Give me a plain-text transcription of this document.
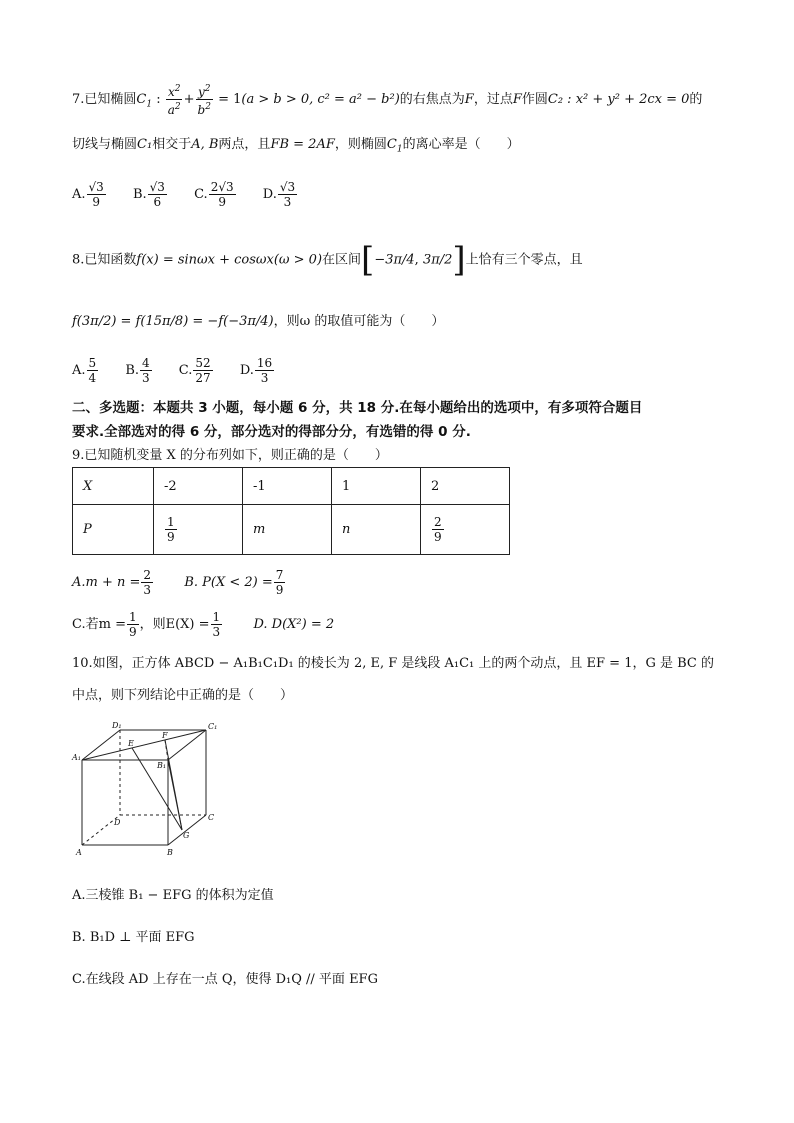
7.已知椭圆$C_1$ : $\frac{x^2}{a^2} + \frac{y^2}{b^2} = 1(a > b > 0$, c² = a² − b²)的右焦点为F，过点F作圆C₂ : x² + y² + 2cx = 0的
切线与椭圆C₁相交于A, B两点，且FB = 2AF，则椭圆$C_1$的离心率是（　　）
A. $\frac{√3}{9} B$. $\frac{√3}{6} C$. $\frac{2√3}{9} D$. $\frac{√3}{3}$
8.已知函数f(x) = sinωx + cosωx(ω > 0)在区间[−3π/4, 3π/2]上恰有三个零点，且
f(3π/2) = f(15π/8) = −f(−3π/4)，则ω 的取值可能为（　　）
A. $\frac{5}{4} B$. $\frac{4}{3} C$. $\frac{52}{27} D$. $\frac{16}{3}$
二、多选题：本题共 3 小题，每小题 6 分，共 18 分.在每小题给出的选项中，有多项符合题目
要求.全部选对的得 6 分，部分选对的得部分分，有选错的得 0 分.
9.已知随机变量 X 的分布列如下，则正确的是（　　）
X	-2	-1	1	2
P	$\frac{1}{9}$	m	n	$\frac{2}{9}$
$A.m + n = \frac{2}{3} B$. $P(X < 2) = \frac{7}{9}$
C.若$m = \frac{1}{9}$ ，则$E(X) = \frac{1}{3} D$. D(X²) = 2
10.如图，正方体 ABCD − A₁B₁C₁D₁ 的棱长为 2, E, F 是线段 A₁C₁ 上的两个动点，且 EF = 1，G 是 BC 的
中点，则下列结论中正确的是（　　）
D₁	C₁
E
F
A₁
B₁
D
C
G
A	B
A.三棱锥 B₁ − EFG 的体积为定值
B. B₁D ⊥ 平面 EFG
C.在线段 AD 上存在一点 Q，使得 D₁Q // 平面 EFG
